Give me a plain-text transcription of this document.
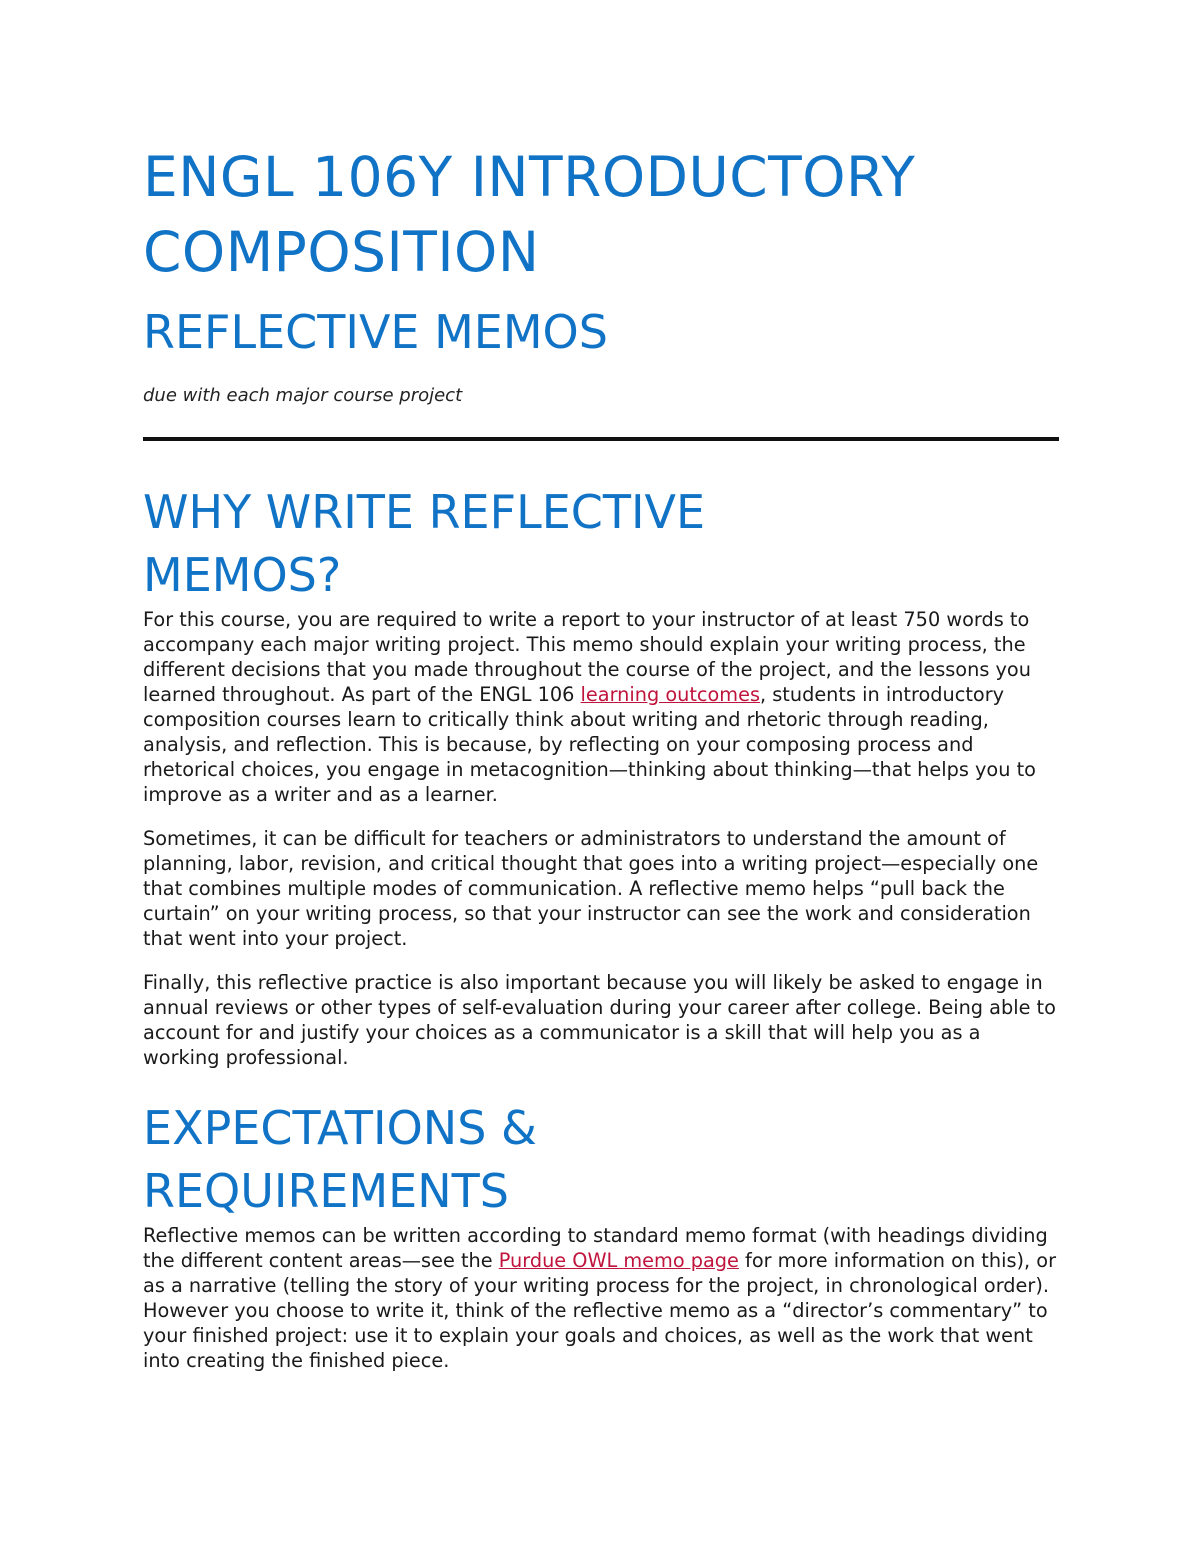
ENGL 106Y INTRODUCTORY
COMPOSITION
REFLECTIVE MEMOS

due with each major course project

WHY WRITE REFLECTIVE
MEMOS?

For this course, you are required to write a report to your instructor of at least 750 words to accompany each major writing project. This memo should explain your writing process, the different decisions that you made throughout the course of the project, and the lessons you learned throughout. As part of the ENGL 106 learning outcomes, students in introductory composition courses learn to critically think about writing and rhetoric through reading, analysis, and reflection. This is because, by reflecting on your composing process and rhetorical choices, you engage in metacognition—thinking about thinking—that helps you to improve as a writer and as a learner.

Sometimes, it can be difficult for teachers or administrators to understand the amount of planning, labor, revision, and critical thought that goes into a writing project—especially one that combines multiple modes of communication. A reflective memo helps “pull back the curtain” on your writing process, so that your instructor can see the work and consideration that went into your project.

Finally, this reflective practice is also important because you will likely be asked to engage in annual reviews or other types of self-evaluation during your career after college. Being able to account for and justify your choices as a communicator is a skill that will help you as a working professional.

EXPECTATIONS &
REQUIREMENTS

Reflective memos can be written according to standard memo format (with headings dividing the different content areas—see the Purdue OWL memo page for more information on this), or as a narrative (telling the story of your writing process for the project, in chronological order). However you choose to write it, think of the reflective memo as a “director’s commentary” to your finished project: use it to explain your goals and choices, as well as the work that went into creating the finished piece.
